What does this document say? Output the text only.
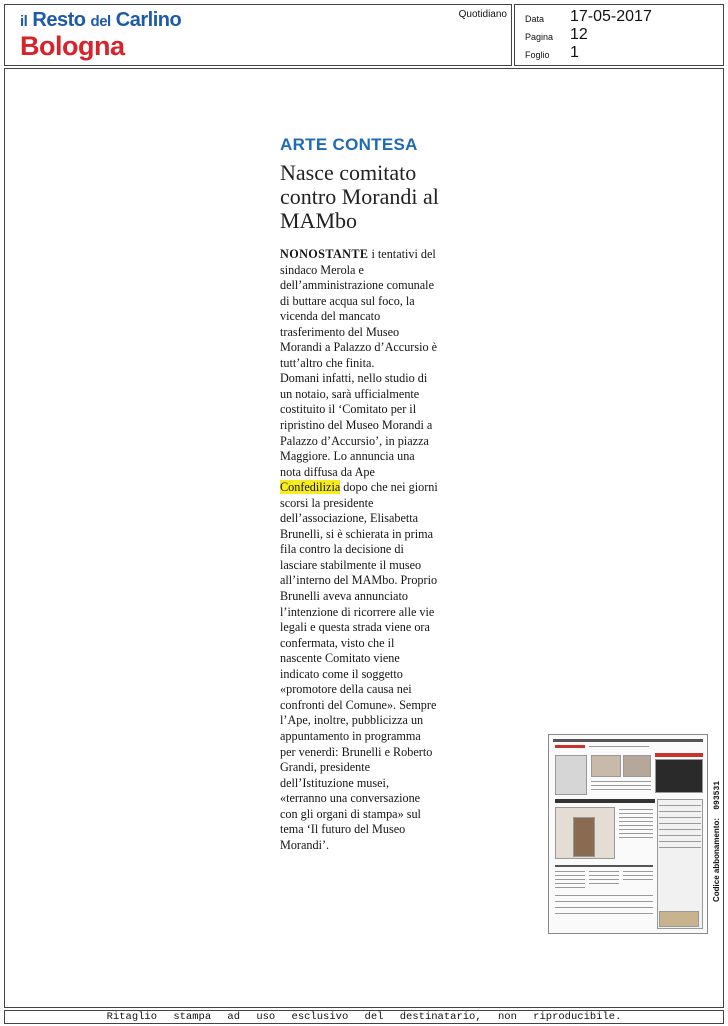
il Resto del Carlino
Bologna
Quotidiano Data 17-05-2017
Pagina 12
Foglio 1
ARTE CONTESA
Nasce comitato contro Morandi al MAMbo

NONOSTANTE i tentativi del sindaco Merola e dell’amministrazione comunale di buttare acqua sul foco, la vicenda del mancato trasferimento del Museo Morandi a Palazzo d’Accursio è tutt’altro che finita.

Domani infatti, nello studio di un notaio, sarà ufficialmente costituito il ‘Comitato per il ripristino del Museo Morandi a Palazzo d’Accursio’, in piazza Maggiore. Lo annuncia una nota diffusa da Ape Confedilizia dopo che nei giorni scorsi la presidente dell’associazione, Elisabetta Brunelli, si è schierata in prima fila contro la decisione di lasciare stabilmente il museo all’interno del MAMbo. Proprio Brunelli aveva annunciato l’intenzione di ricorrere alle vie legali e questa strada viene ora confermata, visto che il nascente Comitato viene indicato come il soggetto «promotore della causa nei confronti del Comune». Sempre l’Ape, inoltre, pubblicizza un appuntamento in programma per venerdì: Brunelli e Roberto Grandi, presidente dell’Istituzione musei, «terranno una conversazione con gli organi di stampa» sul tema ‘Il futuro del Museo Morandi’.	Codice abbonamento: 093531
Ritaglio stampa ad uso esclusivo del destinatario, non riproducibile.
